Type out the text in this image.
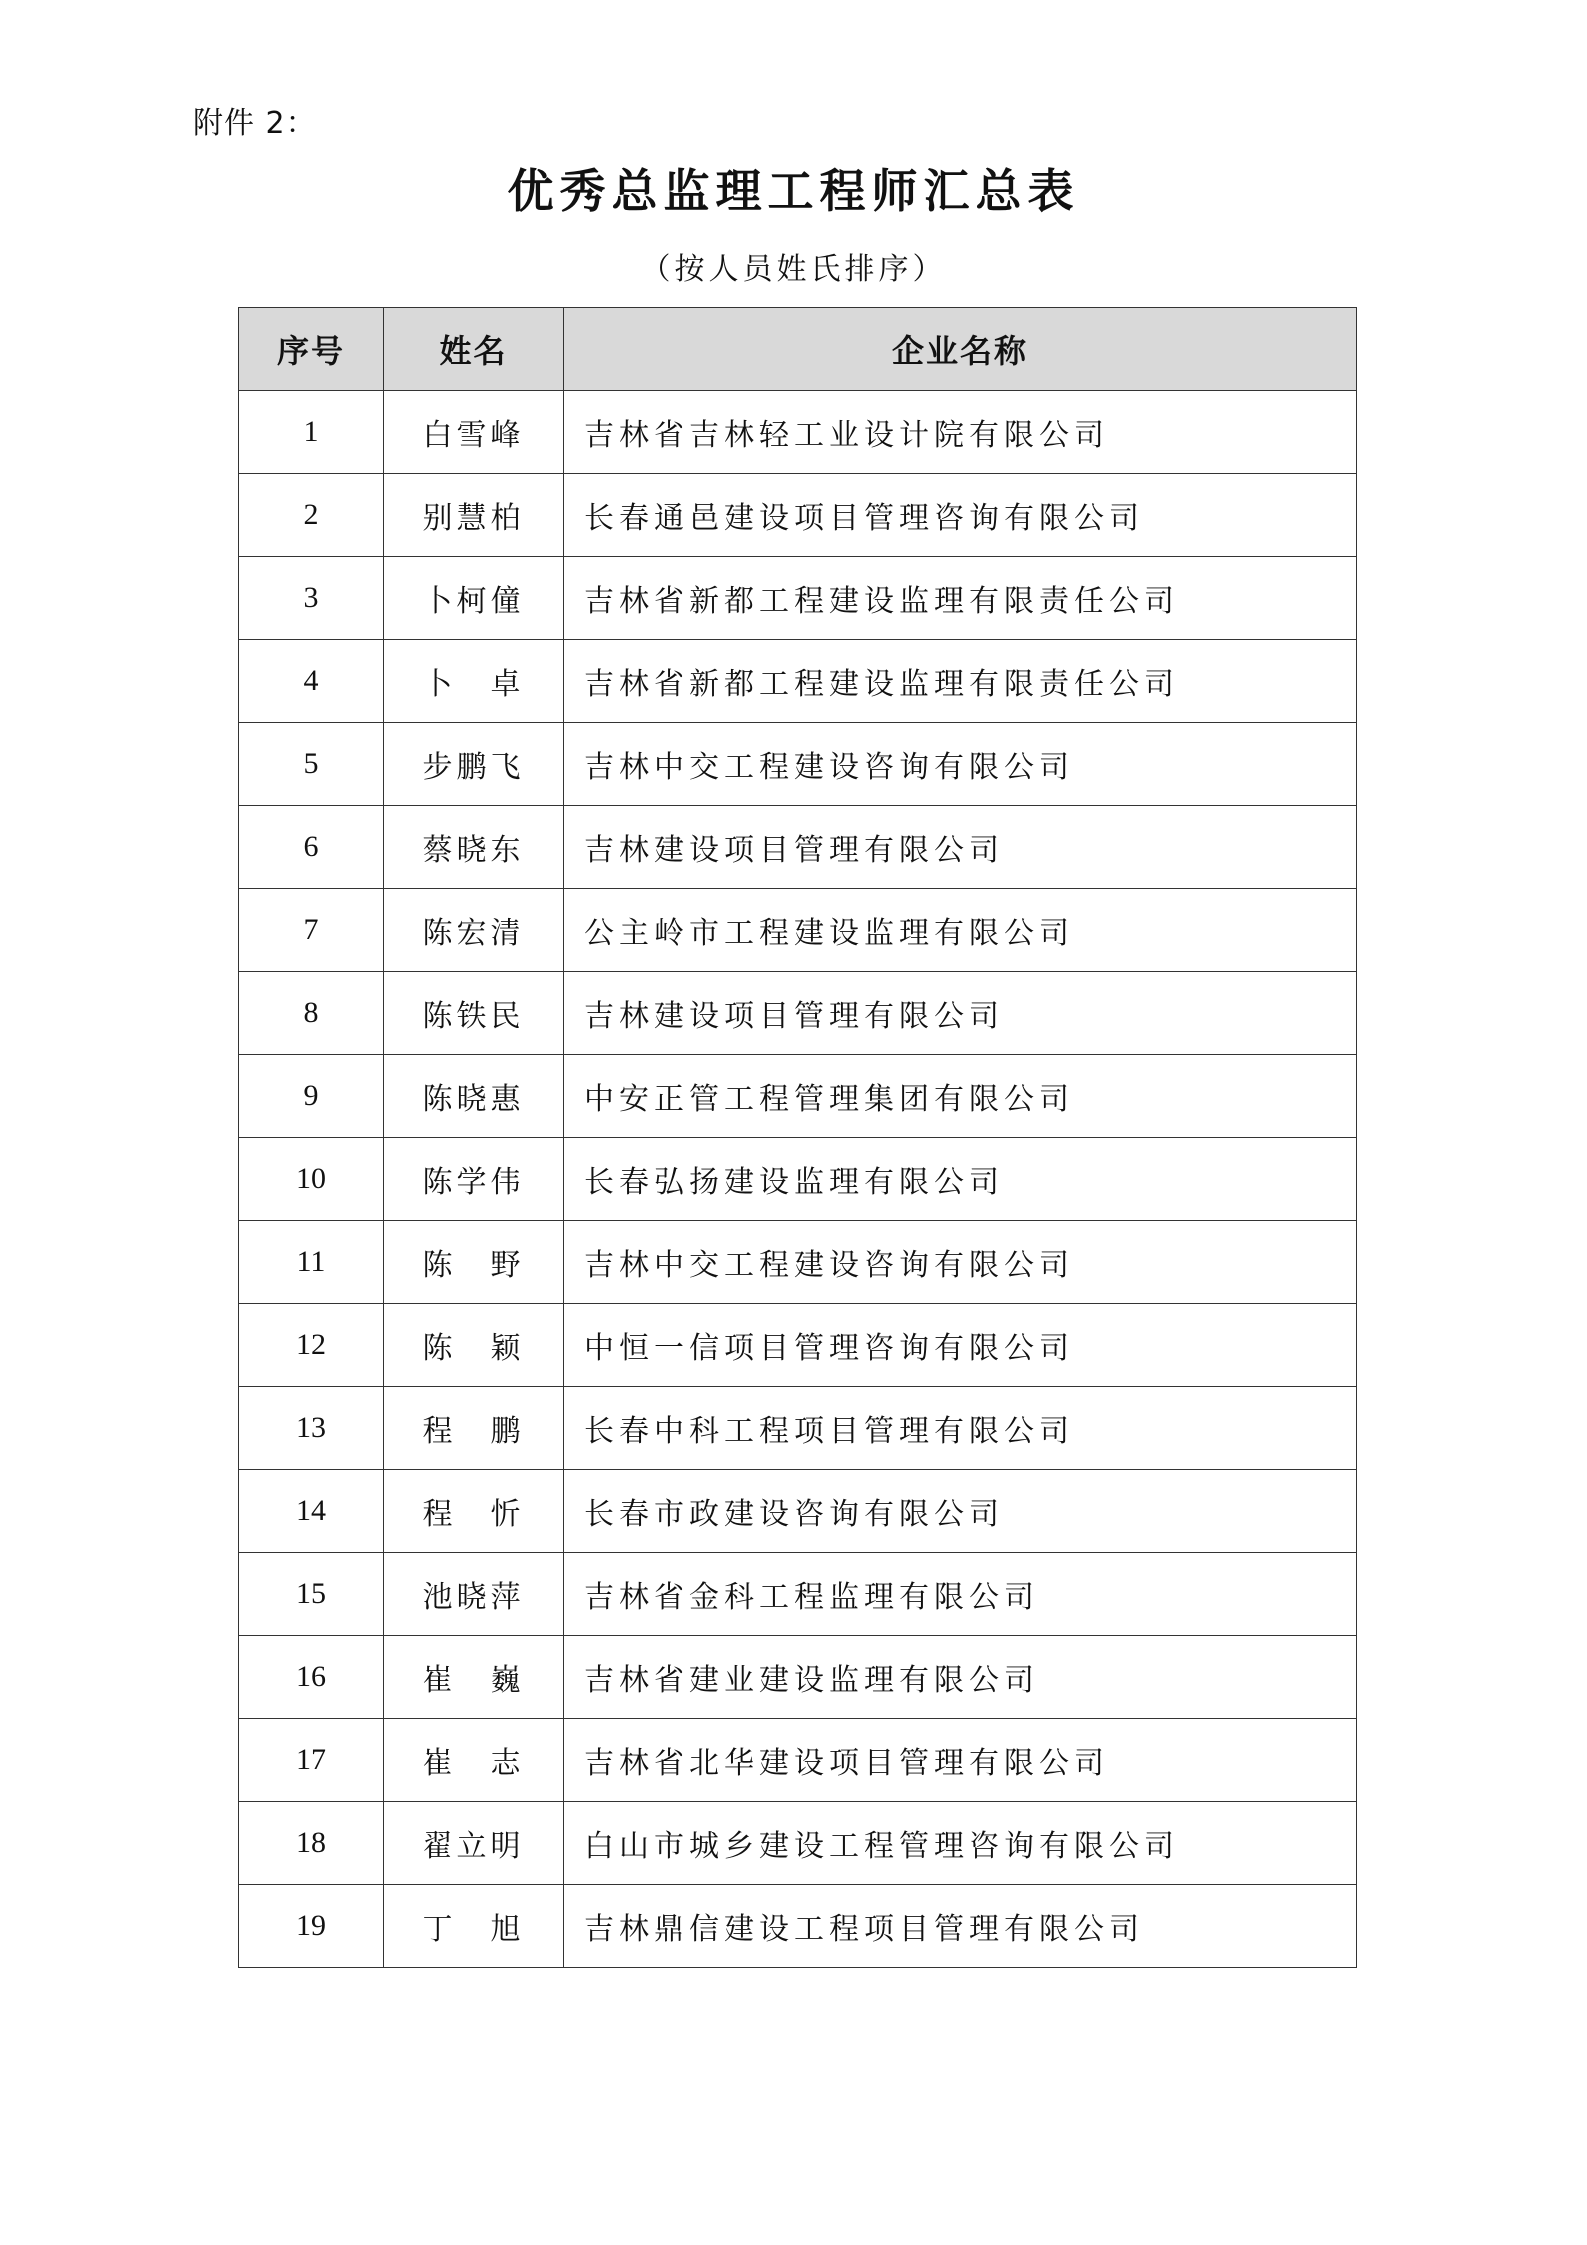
附件 2：
优秀总监理工程师汇总表
（按人员姓氏排序）
序号	姓名	企业名称
1	白雪峰	吉林省吉林轻工业设计院有限公司
2	别慧柏	长春通邑建设项目管理咨询有限公司
3	卜柯僮	吉林省新都工程建设监理有限责任公司
4	卜　卓	吉林省新都工程建设监理有限责任公司
5	步鹏飞	吉林中交工程建设咨询有限公司
6	蔡晓东	吉林建设项目管理有限公司
7	陈宏清	公主岭市工程建设监理有限公司
8	陈铁民	吉林建设项目管理有限公司
9	陈晓惠	中安正管工程管理集团有限公司
10	陈学伟	长春弘扬建设监理有限公司
11	陈　野	吉林中交工程建设咨询有限公司
12	陈　颖	中恒一信项目管理咨询有限公司
13	程　鹏	长春中科工程项目管理有限公司
14	程　忻	长春市政建设咨询有限公司
15	池晓萍	吉林省金科工程监理有限公司
16	崔　巍	吉林省建业建设监理有限公司
17	崔　志	吉林省北华建设项目管理有限公司
18	翟立明	白山市城乡建设工程管理咨询有限公司
19	丁　旭	吉林鼎信建设工程项目管理有限公司
